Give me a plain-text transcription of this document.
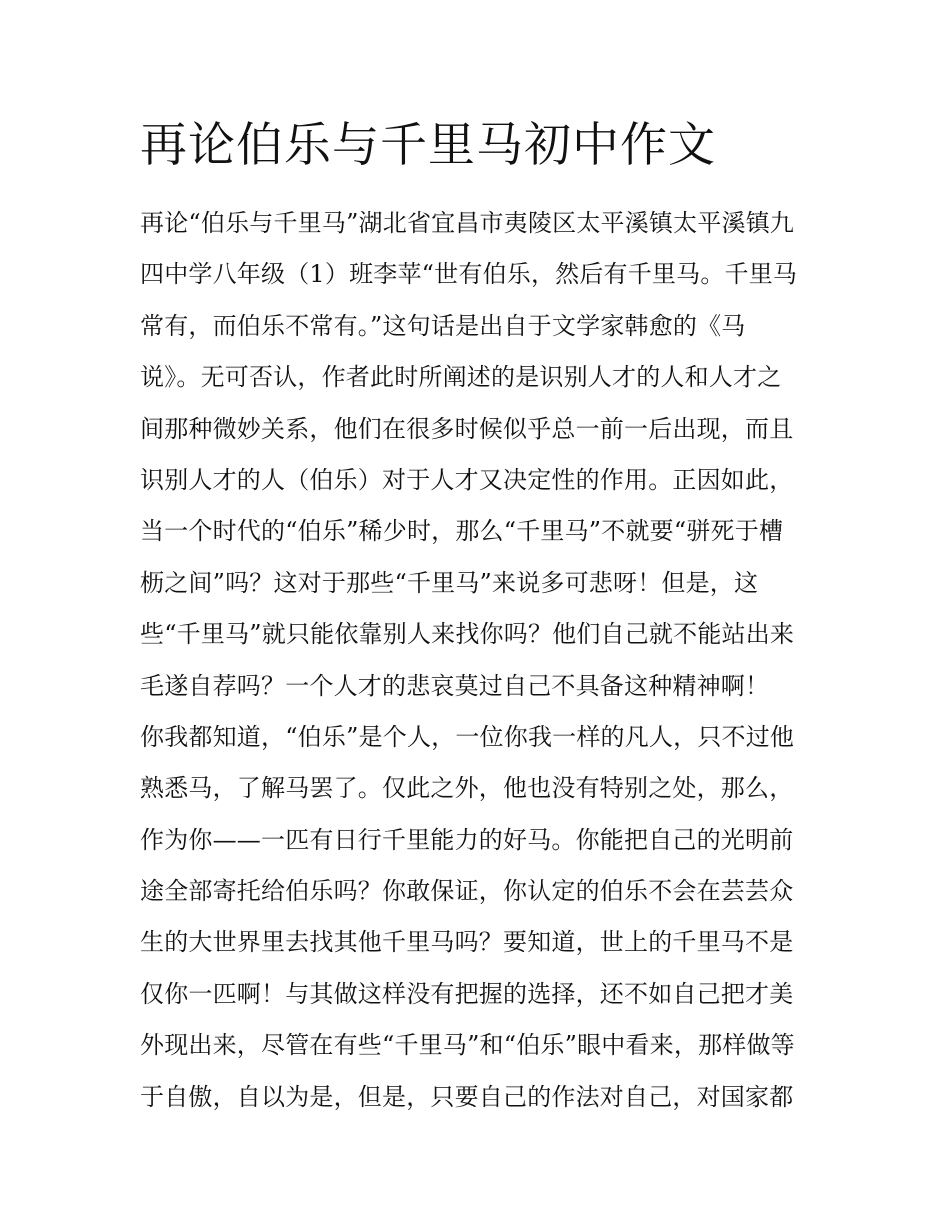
再论伯乐与千里马初中作文
再论“伯乐与千里马”湖北省宜昌市夷陵区太平溪镇太平溪镇九
四中学八年级（1）班李苹“世有伯乐，然后有千里马。千里马
常有，而伯乐不常有。”这句话是出自于文学家韩愈的《马
说》。无可否认，作者此时所阐述的是识别人才的人和人才之
间那种微妙关系，他们在很多时候似乎总一前一后出现，而且
识别人才的人（伯乐）对于人才又决定性的作用。正因如此，
当一个时代的“伯乐”稀少时，那么“千里马”不就要“骈死于槽
枥之间”吗？这对于那些“千里马”来说多可悲呀！但是，这
些“千里马”就只能依靠别人来找你吗？他们自己就不能站出来
毛遂自荐吗？一个人才的悲哀莫过自己不具备这种精神啊！
你我都知道，“伯乐”是个人，一位你我一样的凡人，只不过他
熟悉马，了解马罢了。仅此之外，他也没有特别之处，那么，
作为你——一匹有日行千里能力的好马。你能把自己的光明前
途全部寄托给伯乐吗？你敢保证，你认定的伯乐不会在芸芸众
生的大世界里去找其他千里马吗？要知道，世上的千里马不是
仅你一匹啊！与其做这样没有把握的选择，还不如自己把才美
外现出来，尽管在有些“千里马”和“伯乐”眼中看来，那样做等
于自傲，自以为是，但是，只要自己的作法对自己，对国家都
